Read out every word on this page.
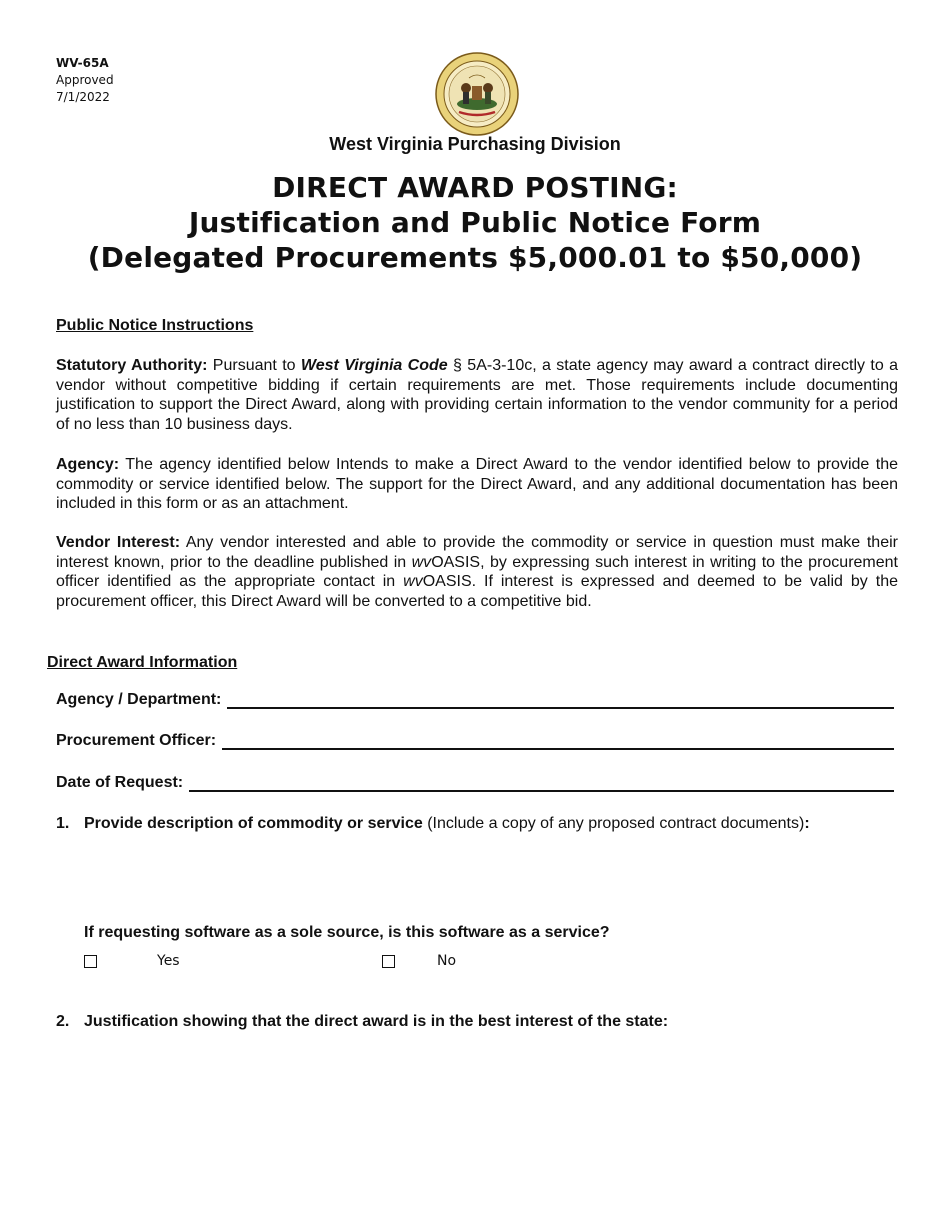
WV-65A
Approved
7/1/2022
West Virginia Purchasing Division
DIRECT AWARD POSTING:
Justification and Public Notice Form
(Delegated Procurements $5,000.01 to $50,000)
Public Notice Instructions
Statutory Authority: Pursuant to West Virginia Code § 5A-3-10c, a state agency may award a contract directly to a vendor without competitive bidding if certain requirements are met. Those requirements include documenting justification to support the Direct Award, along with providing certain information to the vendor community for a period of no less than 10 business days.
Agency: The agency identified below Intends to make a Direct Award to the vendor identified below to provide the commodity or service identified below. The support for the Direct Award, and any additional documentation has been included in this form or as an attachment.
Vendor Interest: Any vendor interested and able to provide the commodity or service in question must make their interest known, prior to the deadline published in wvOASIS, by expressing such interest in writing to the procurement officer identified as the appropriate contact in wvOASIS. If interest is expressed and deemed to be valid by the procurement officer, this Direct Award will be converted to a competitive bid.
Direct Award Information
Agency / Department:
Procurement Officer:
Date of Request:
1. Provide description of commodity or service (Include a copy of any proposed contract documents):
If requesting software as a sole source, is this software as a service?
Yes	No
2. Justification showing that the direct award is in the best interest of the state:
